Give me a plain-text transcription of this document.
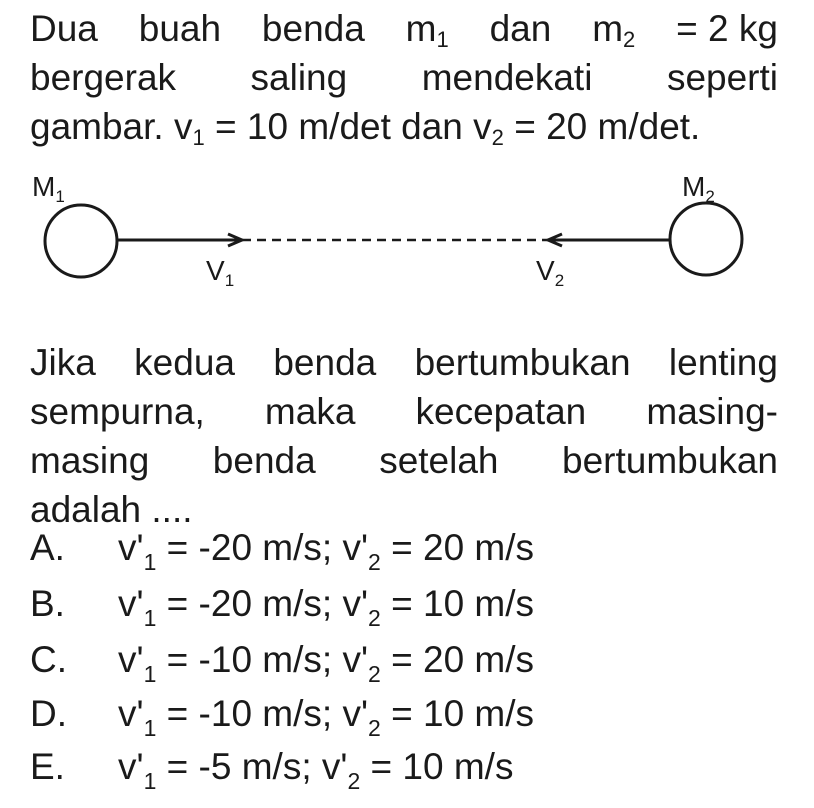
Dua buah benda $m_1$ dan $m_2 = 2$ kg
bergerak saling mendekati seperti
gambar. $v_1 = 10$ m/det dan $v_2 = 20$ m/det.
$M_1$	$M_2$
$V_1$	$V_2$
Jika kedua benda bertumbukan lenting
sempurna, maka kecepatan masing-
masing benda setelah bertumbukan
adalah ....
A. $v'_1 = -20$ m/s; $v'_2 = 20$ m/s
B. $v'_1 = -20$ m/s; $v'_2 = 10$ m/s
C. $v'_1 = -10$ m/s; $v'_2 = 20$ m/s
D. $v'_1 = -10$ m/s; $v'_2 = 10$ m/s
E. $v'_1 = -5$ m/s; $v'_2 = 10$ m/s
